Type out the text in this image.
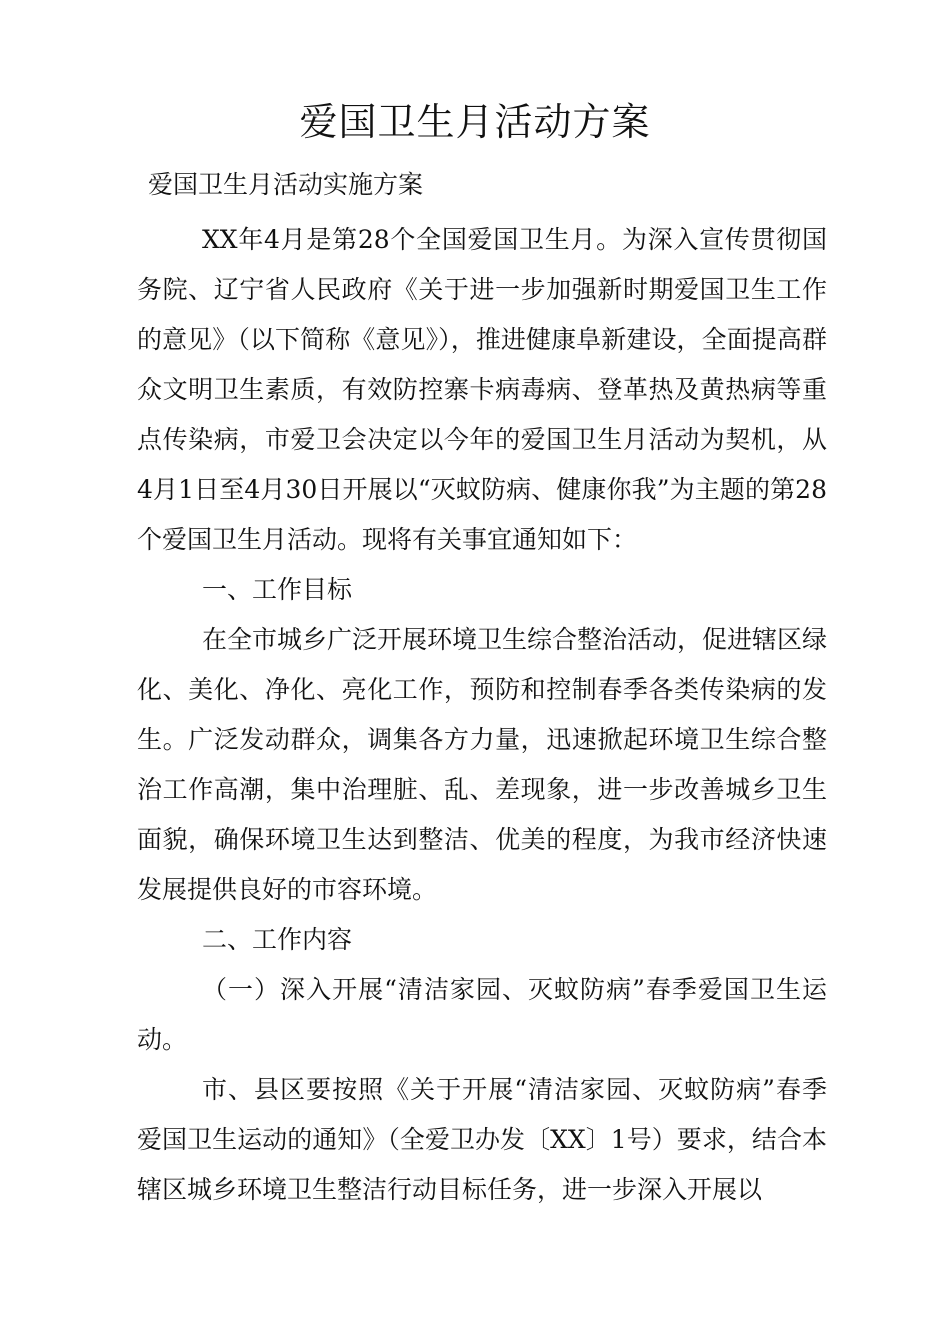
爱国卫生月活动方案

爱国卫生月活动实施方案

XX年4月是第28个全国爱国卫生月。为深入宣传贯彻国务院、辽宁省人民政府《关于进一步加强新时期爱国卫生工作的意见》（以下简称《意见》），推进健康阜新建设，全面提高群众文明卫生素质，有效防控寨卡病毒病、登革热及黄热病等重点传染病，市爱卫会决定以今年的爱国卫生月活动为契机，从4月1日至4月30日开展以“灭蚊防病、健康你我”为主题的第28个爱国卫生月活动。现将有关事宜通知如下：

一、工作目标

在全市城乡广泛开展环境卫生综合整治活动，促进辖区绿化、美化、净化、亮化工作，预防和控制春季各类传染病的发生。广泛发动群众，调集各方力量，迅速掀起环境卫生综合整治工作高潮，集中治理脏、乱、差现象，进一步改善城乡卫生面貌，确保环境卫生达到整洁、优美的程度，为我市经济快速发展提供良好的市容环境。

二、工作内容

（一）深入开展“清洁家园、灭蚊防病”春季爱国卫生运动。

市、县区要按照《关于开展“清洁家园、灭蚊防病”春季爱国卫生运动的通知》（全爱卫办发〔XX〕1号）要求，结合本辖区城乡环境卫生整洁行动目标任务，进一步深入开展以
